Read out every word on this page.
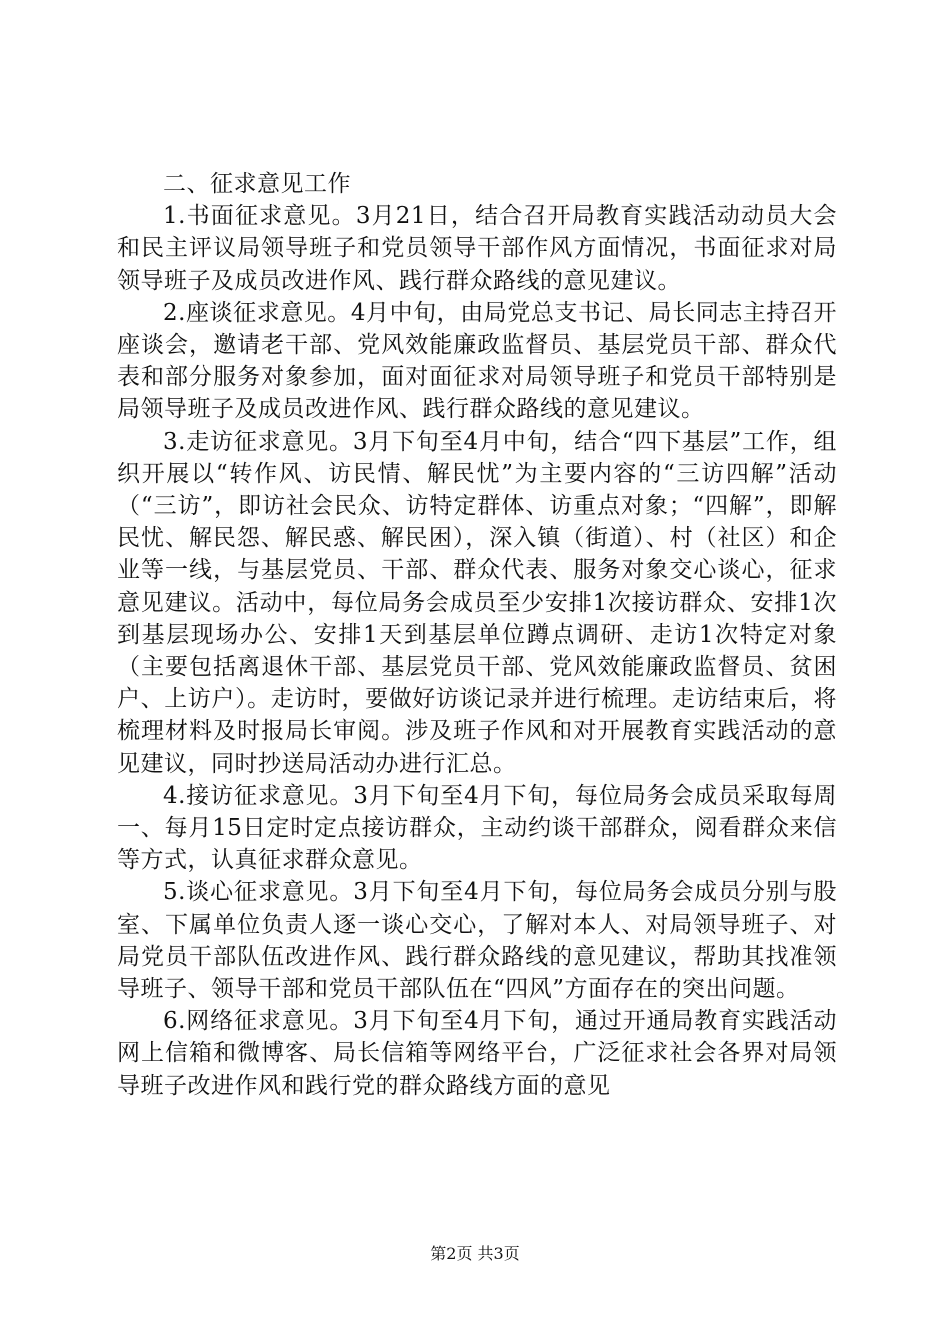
二、征求意见工作

1.书面征求意见。3月21日，结合召开局教育实践活动动员大会和民主评议局领导班子和党员领导干部作风方面情况，书面征求对局领导班子及成员改进作风、践行群众路线的意见建议。

2.座谈征求意见。4月中旬，由局党总支书记、局长同志主持召开座谈会，邀请老干部、党风效能廉政监督员、基层党员干部、群众代表和部分服务对象参加，面对面征求对局领导班子和党员干部特别是局领导班子及成员改进作风、践行群众路线的意见建议。

3.走访征求意见。3月下旬至4月中旬，结合“四下基层”工作，组织开展以“转作风、访民情、解民忧”为主要内容的“三访四解”活动（“三访”，即访社会民众、访特定群体、访重点对象；“四解”，即解民忧、解民怨、解民惑、解民困），深入镇（街道）、村（社区）和企业等一线，与基层党员、干部、群众代表、服务对象交心谈心，征求意见建议。活动中，每位局务会成员至少安排1次接访群众、安排1次到基层现场办公、安排1天到基层单位蹲点调研、走访1次特定对象（主要包括离退休干部、基层党员干部、党风效能廉政监督员、贫困户、上访户）。走访时，要做好访谈记录并进行梳理。走访结束后，将梳理材料及时报局长审阅。涉及班子作风和对开展教育实践活动的意见建议，同时抄送局活动办进行汇总。

4.接访征求意见。3月下旬至4月下旬，每位局务会成员采取每周一、每月15日定时定点接访群众，主动约谈干部群众，阅看群众来信等方式，认真征求群众意见。

5.谈心征求意见。3月下旬至4月下旬，每位局务会成员分别与股室、下属单位负责人逐一谈心交心，了解对本人、对局领导班子、对局党员干部队伍改进作风、践行群众路线的意见建议，帮助其找准领导班子、领导干部和党员干部队伍在“四风”方面存在的突出问题。

6.网络征求意见。3月下旬至4月下旬，通过开通局教育实践活动网上信箱和微博客、局长信箱等网络平台，广泛征求社会各界对局领导班子改进作风和践行党的群众路线方面的意见

第2页 共3页
